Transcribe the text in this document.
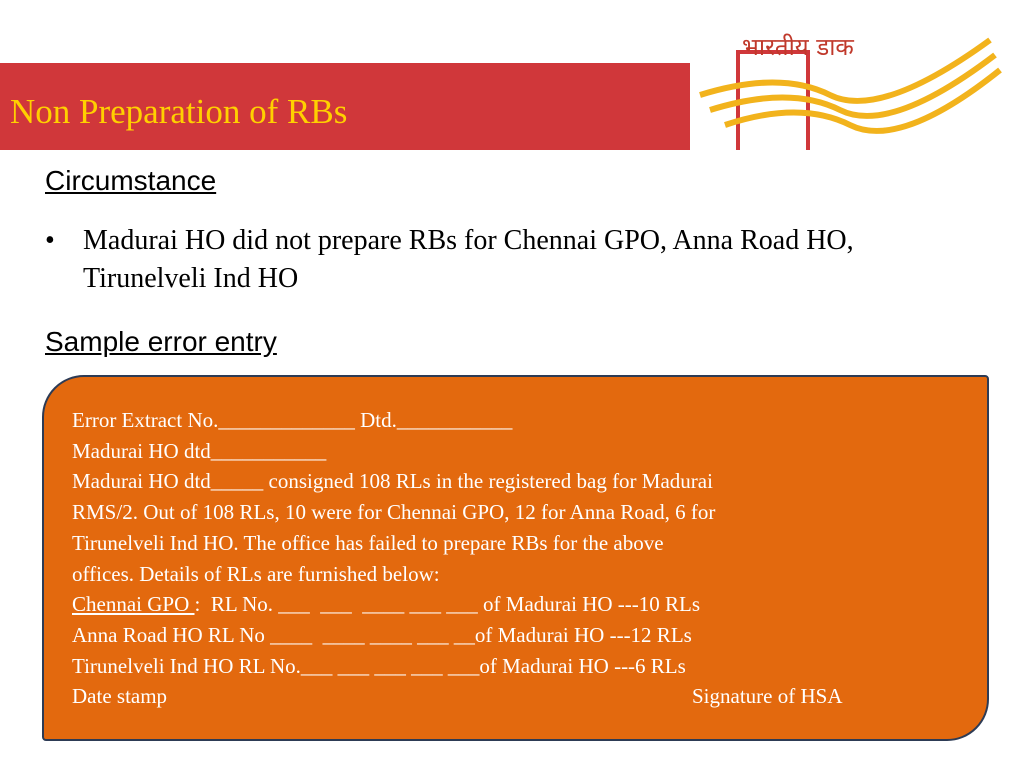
भारतीय डाक
Non Preparation of RBs
Circumstance
• Madurai HO did not prepare RBs for Chennai GPO, Anna Road HO, Tirunelveli Ind HO
Sample error entry
Error Extract No._____________ Dtd.___________
Madurai HO dtd___________
Madurai HO dtd_____ consigned 108 RLs in the registered bag for Madurai
RMS/2. Out of 108 RLs, 10 were for Chennai GPO, 12 for Anna Road, 6 for
Tirunelveli Ind HO. The office has failed to prepare RBs for the above
offices. Details of RLs are furnished below:
Chennai GPO :  RL No. ___  ___  ____ ___ ___ of Madurai HO ---10 RLs
Anna Road HO RL No ____  ____ ____ ___ __of Madurai HO ---12 RLs
Tirunelveli Ind HO RL No.___ ___ ___ ___ ___of Madurai HO ---6 RLs
Date stamp	Signature of HSA
